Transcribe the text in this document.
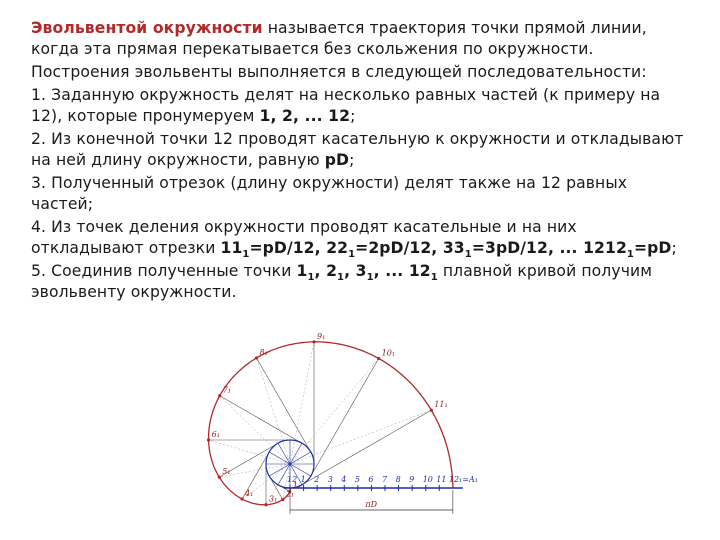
Эвольвентой окружности называется траектория точки прямой линии, когда эта прямая перекатывается без скольжения по окружности.
Построения эвольвенты выполняется в следующей последовательности:
1. Заданную окружность делят на несколько равных частей (к примеру на 12), которые пронумеруем 1, 2, ... 12;
2. Из конечной точки 12 проводят касательную к окружности и откладывают на ней длину окружности, равную pD;
3. Полученный отрезок (длину окружности) делят также на 12 равных частей;
4. Из точек деления окружности проводят касательные и на них откладывают отрезки $11_1=pD/12$, $22_1=2pD/12$, $33_1=3pD/12$, ... $1212_1=pD$;
5. Соединив полученные точки $1_1$, $2_1$, $3_1$, ... $12_1$ плавной кривой получим эвольвенту окружности.
12 1 2 3 4 5 6 7 8 9 10 11 12₁=A₁
1₁
2₁
3₁
4₁
5₁
6₁
7₁
8₁
9₁
10₁
11₁
πD
